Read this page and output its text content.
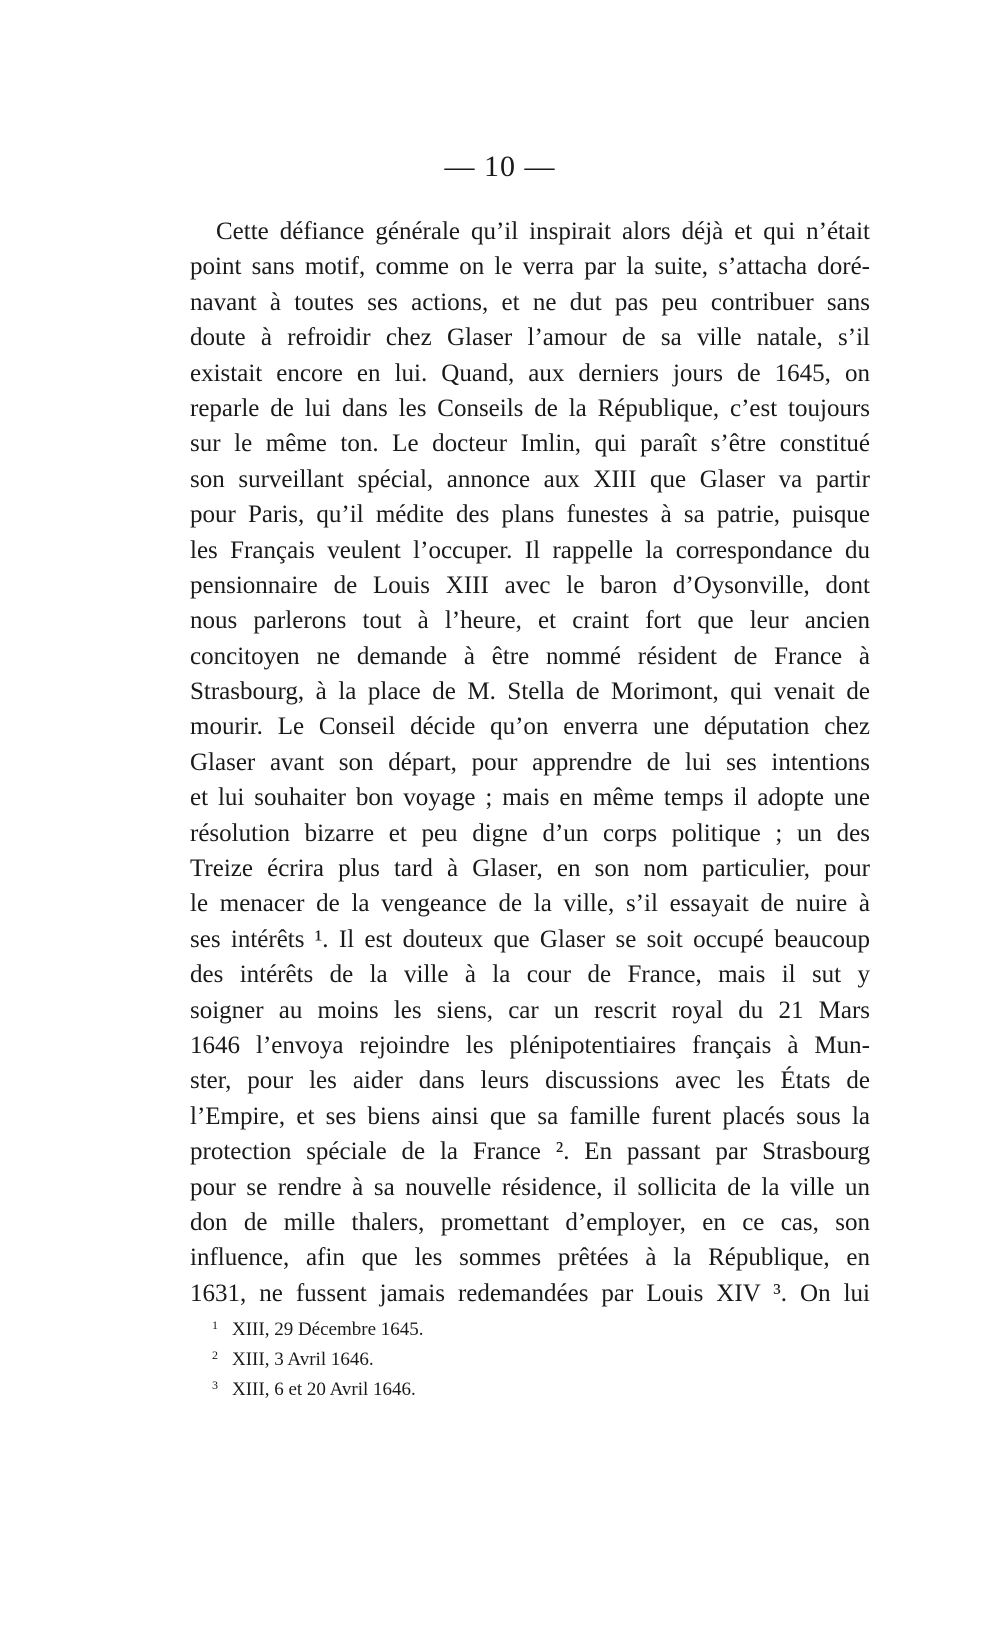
— 10 —
Cette défiance générale qu’il inspirait alors déjà et qui n’était
point sans motif, comme on le verra par la suite, s’attacha doré-
navant à toutes ses actions, et ne dut pas peu contribuer sans
doute à refroidir chez Glaser l’amour de sa ville natale, s’il
existait encore en lui. Quand, aux derniers jours de 1645, on
reparle de lui dans les Conseils de la République, c’est toujours
sur le même ton. Le docteur Imlin, qui paraît s’être constitué
son surveillant spécial, annonce aux XIII que Glaser va partir
pour Paris, qu’il médite des plans funestes à sa patrie, puisque
les Français veulent l’occuper. Il rappelle la correspondance du
pensionnaire de Louis XIII avec le baron d’Oysonville, dont
nous parlerons tout à l’heure, et craint fort que leur ancien
concitoyen ne demande à être nommé résident de France à
Strasbourg, à la place de M. Stella de Morimont, qui venait de
mourir. Le Conseil décide qu’on enverra une députation chez
Glaser avant son départ, pour apprendre de lui ses intentions
et lui souhaiter bon voyage ; mais en même temps il adopte une
résolution bizarre et peu digne d’un corps politique ; un des
Treize écrira plus tard à Glaser, en son nom particulier, pour
le menacer de la vengeance de la ville, s’il essayait de nuire à
ses intérêts ¹. Il est douteux que Glaser se soit occupé beaucoup
des intérêts de la ville à la cour de France, mais il sut y
soigner au moins les siens, car un rescrit royal du 21 Mars
1646 l’envoya rejoindre les plénipotentiaires français à Mun-
ster, pour les aider dans leurs discussions avec les États de
l’Empire, et ses biens ainsi que sa famille furent placés sous la
protection spéciale de la France ². En passant par Strasbourg
pour se rendre à sa nouvelle résidence, il sollicita de la ville un
don de mille thalers, promettant d’employer, en ce cas, son
influence, afin que les sommes prêtées à la République, en
1631, ne fussent jamais redemandées par Louis XIV ³. On lui
1 XIII, 29 Décembre 1645.
2 XIII, 3 Avril 1646.
3 XIII, 6 et 20 Avril 1646.
